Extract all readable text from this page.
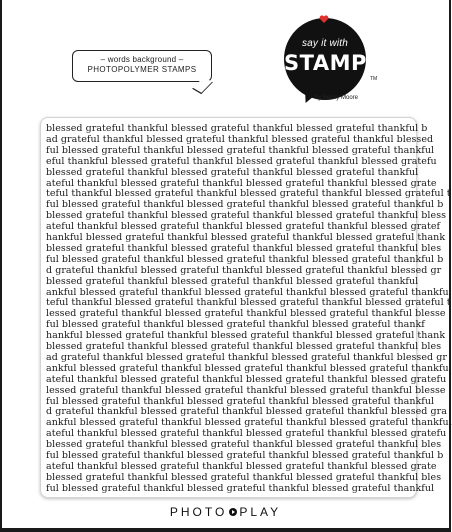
– words background –
PHOTOPOLYMER STAMPS
say it with
STAMPS
TM
by Becky Moore
blessed grateful thankful blessed grateful thankful blessed grateful thankful b
ad grateful thankful blessed grateful thankful blessed grateful thankful blessed
ful blessed grateful thankful blessed grateful thankful blessed grateful thankful
eful thankful blessed grateful thankful blessed grateful thankful blessed gratefu
blessed grateful thankful blessed grateful thankful blessed grateful thankful
ateful thankful blessed grateful thankful blessed grateful thankful blessed grate
teful thankful blessed grateful thankful blessed grateful thankful blessed grateful t
ful blessed grateful thankful blessed grateful thankful blessed grateful thankful b
blessed grateful thankful blessed grateful thankful blessed grateful thankful bless
ateful thankful blessed grateful thankful blessed grateful thankful blessed gratef
hankful blessed grateful thankful blessed grateful thankful blessed grateful thank
blessed grateful thankful blessed grateful thankful blessed grateful thankful bles
ful blessed grateful thankful blessed grateful thankful blessed grateful thankful b
d grateful thankful blessed grateful thankful blessed grateful thankful blessed gr
blessed grateful thankful blessed grateful thankful blessed grateful thankful
ankful blessed grateful thankful blessed grateful thankful blessed grateful thankfu
teful thankful blessed grateful thankful blessed grateful thankful blessed grateful t
lessed grateful thankful blessed grateful thankful blessed grateful thankful blesse
ful blessed grateful thankful blessed grateful thankful blessed grateful thankf
hankful blessed grateful thankful blessed grateful thankful blessed grateful thank
blessed grateful thankful blessed grateful thankful blessed grateful thankful bles
ad grateful thankful blessed grateful thankful blessed grateful thankful blessed gr
ankful blessed grateful thankful blessed grateful thankful blessed grateful thankfu
ateful thankful blessed grateful thankful blessed grateful thankful blessed gratefu
lessed grateful thankful blessed grateful thankful blessed grateful thankful blesse
ful blessed grateful thankful blessed grateful thankful blessed grateful thankful
d grateful thankful blessed grateful thankful blessed grateful thankful blessed gra
ankful blessed grateful thankful blessed grateful thankful blessed grateful thankful
ateful thankful blessed grateful thankful blessed grateful thankful blessed gratefu
blessed grateful thankful blessed grateful thankful blessed grateful thankful bles
ful blessed grateful thankful blessed grateful thankful blessed grateful thankful b
ateful thankful blessed grateful thankful blessed grateful thankful blessed grate
blessed grateful thankful blessed grateful thankful blessed grateful thankful bles
ful blessed grateful thankful blessed grateful thankful blessed grateful thankful
PHOTO PLAY
